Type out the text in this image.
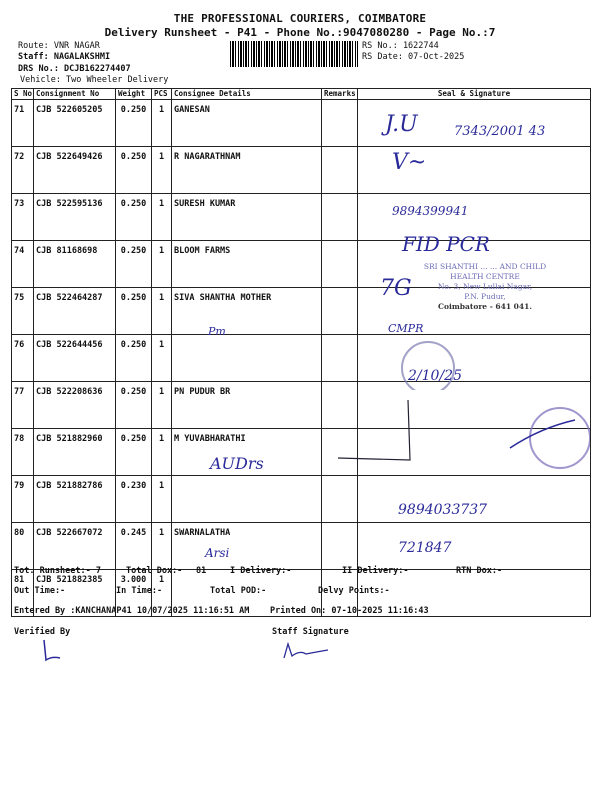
THE PROFESSIONAL COURIERS, COIMBATORE
Delivery Runsheet - P41 - Phone No.:9047080280 - Page No.:7
Route: VNR NAGAR
Staff: NAGALAKSHMI
DRS No.: DCJB162274407
Vehicle: Two Wheeler Delivery
RS No.: 1622744
RS Date: 07-Oct-2025
S No	Consignment No	Weight	PCS	Consignee Details	Remarks	Seal & Signature
71	CJB 522605205	0.250	1	GANESAN		
72	CJB 522649426	0.250	1	R NAGARATHNAM		
73	CJB 522595136	0.250	1	SURESH KUMAR		
74	CJB 81168698	0.250	1	BLOOM FARMS		
75	CJB 522464287	0.250	1	SIVA SHANTHA MOTHER		
76	CJB 522644456	0.250	1			
77	CJB 522208636	0.250	1	PN PUDUR BR		
78	CJB 521882960	0.250	1	M YUVABHARATHI		
79	CJB 521882786	0.230	1			
80	CJB 522667072	0.245	1	SWARNALATHA		
81	CJB 521882385	3.000	1			
J.U	7343/2001 43
V~
9894399941
FID PCR
SRI SHANTHI ... ... AND CHILD
HEALTH CENTRE
No. 3, New Lullai Nagar,
P.N. Pudur,
Coimbatore - 641 041.
7G
Pm	CMPR
2/10/25
AUDrs
9894033737
721847
Arsi
Tot. Runsheet:- 7	Total Dox:- 81	I Delivery:-	II Delivery:-	RTN Dox:-
Out Time:-	In Time:-	Total POD:-	Delvy Points:-
Entered By :KANCHANAP41 10/07/2025 11:16:51 AM Printed On: 07-10-2025 11:16:43
Verified By	Staff Signature
